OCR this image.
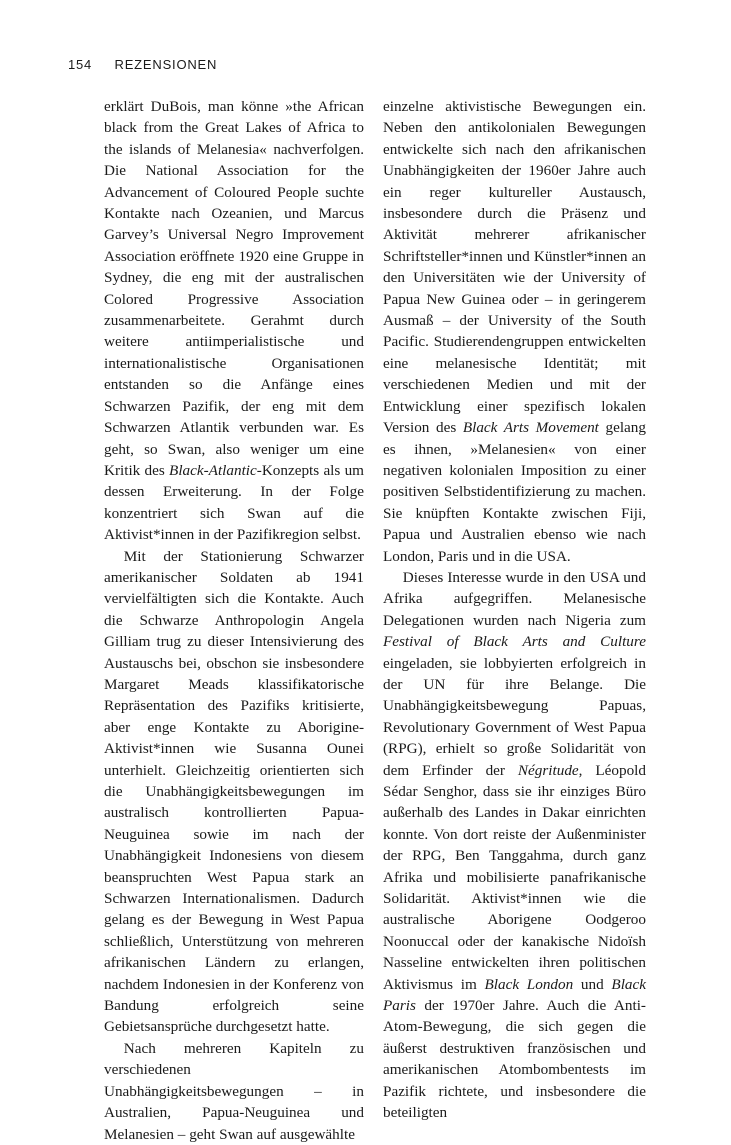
154 REZENSIONEN

erklärt DuBois, man könne »the African black from the Great Lakes of Africa to the islands of Melanesia« nachverfolgen. Die National Association for the Advancement of Coloured People suchte Kontakte nach Ozeanien, und Marcus Garvey’s Universal Negro Improvement Association eröffnete 1920 eine Gruppe in Sydney, die eng mit der australischen Colored Progressive Association zusammenarbeitete. Gerahmt durch weitere antiimperialistische und internationalistische Organisationen entstanden so die Anfänge eines Schwarzen Pazifik, der eng mit dem Schwarzen Atlantik verbunden war. Es geht, so Swan, also weniger um eine Kritik des Black-Atlantic-Konzepts als um dessen Erweiterung. In der Folge konzentriert sich Swan auf die Aktivist*innen in der Pazifikregion selbst.

Mit der Stationierung Schwarzer amerikanischer Soldaten ab 1941 vervielfältigten sich die Kontakte. Auch die Schwarze Anthropologin Angela Gilliam trug zu dieser Intensivierung des Austauschs bei, obschon sie insbesondere Margaret Meads klassifikatorische Repräsentation des Pazifiks kritisierte, aber enge Kontakte zu Aborigine-Aktivist*innen wie Susanna Ounei unterhielt. Gleichzeitig orientierten sich die Unabhängigkeitsbewegungen im australisch kontrollierten Papua-Neuguinea sowie im nach der Unabhängigkeit Indonesiens von diesem beanspruchten West Papua stark an Schwarzen Internationalismen. Dadurch gelang es der Bewegung in West Papua schließlich, Unterstützung von mehreren afrikanischen Ländern zu erlangen, nachdem Indonesien in der Konferenz von Bandung erfolgreich seine Gebietsansprüche durchgesetzt hatte.

Nach mehreren Kapiteln zu verschiedenen Unabhängigkeitsbewegungen – in Australien, Papua-Neuguinea und Melanesien – geht Swan auf ausgewählte

einzelne aktivistische Bewegungen ein. Neben den antikolonialen Bewegungen entwickelte sich nach den afrikanischen Unabhängigkeiten der 1960er Jahre auch ein reger kultureller Austausch, insbesondere durch die Präsenz und Aktivität mehrerer afrikanischer Schriftsteller*innen und Künstler*innen an den Universitäten wie der University of Papua New Guinea oder – in geringerem Ausmaß – der University of the South Pacific. Studierendengruppen entwickelten eine melanesische Identität; mit verschiedenen Medien und mit der Entwicklung einer spezifisch lokalen Version des Black Arts Movement gelang es ihnen, »Melanesien« von einer negativen kolonialen Imposition zu einer positiven Selbstidentifizierung zu machen. Sie knüpften Kontakte zwischen Fiji, Papua und Australien ebenso wie nach London, Paris und in die USA.

Dieses Interesse wurde in den USA und Afrika aufgegriffen. Melanesische Delegationen wurden nach Nigeria zum Festival of Black Arts and Culture eingeladen, sie lobbyierten erfolgreich in der UN für ihre Belange. Die Unabhängigkeitsbewegung Papuas, Revolutionary Government of West Papua (RPG), erhielt so große Solidarität von dem Erfinder der Négritude, Léopold Sédar Senghor, dass sie ihr einziges Büro außerhalb des Landes in Dakar einrichten konnte. Von dort reiste der Außenminister der RPG, Ben Tanggahma, durch ganz Afrika und mobilisierte panafrikanische Solidarität. Aktivist*innen wie die australische Aborigene Oodgeroo Noonuccal oder der kanakische Nidoïsh Nasseline entwickelten ihren politischen Aktivismus im Black London und Black Paris der 1970er Jahre. Auch die Anti-Atom-Bewegung, die sich gegen die äußerst destruktiven französischen und amerikanischen Atombombentests im Pazifik richtete, und insbesondere die beteiligten
